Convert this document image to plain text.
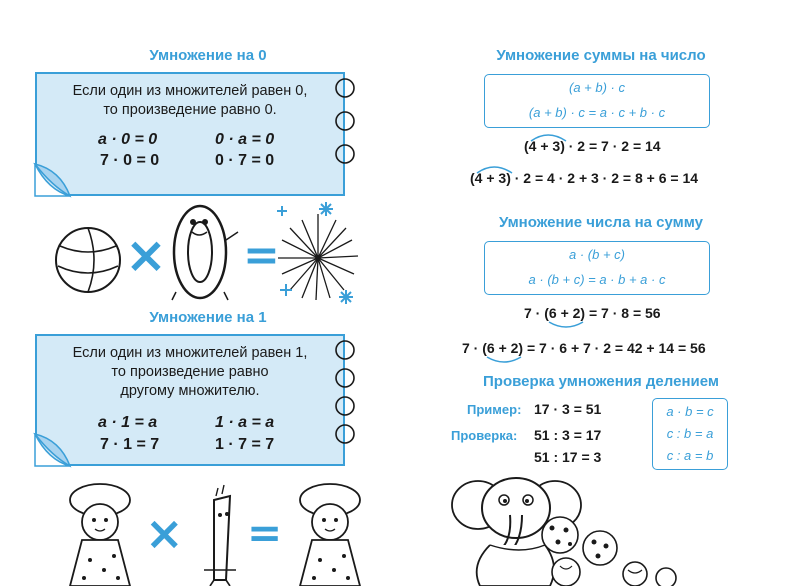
Умножение на 0
Если один из множителей равен 0,
то произведение равно 0.
a · 0 = 0	0 · a = 0
7 · 0 = 0	0 · 7 = 0
× =
Умножение на 1
Если один из множителей равен 1,
то произведение равно
другому множителю.
a · 1 = a	1 · a = a
7 · 1 = 7	1 · 7 = 7
× =
Умножение суммы на число
(a + b) · c
(a + b) · c = a · c + b · c
(4 + 3) · 2 = 7 · 2 = 14
(4 + 3) · 2 = 4 · 2 + 3 · 2 = 8 + 6 = 14
Умножение числа на сумму
a · (b + c)
a · (b + c) = a · b + a · c
7 · (6 + 2) = 7 · 8 = 56
7 · (6 + 2) = 7 · 6 + 7 · 2 = 42 + 14 = 56
Проверка умножения делением
Пример: 17 · 3 = 51
Проверка: 51 : 3 = 17
51 : 17 = 3
a · b = c
c : b = a
c : a = b
